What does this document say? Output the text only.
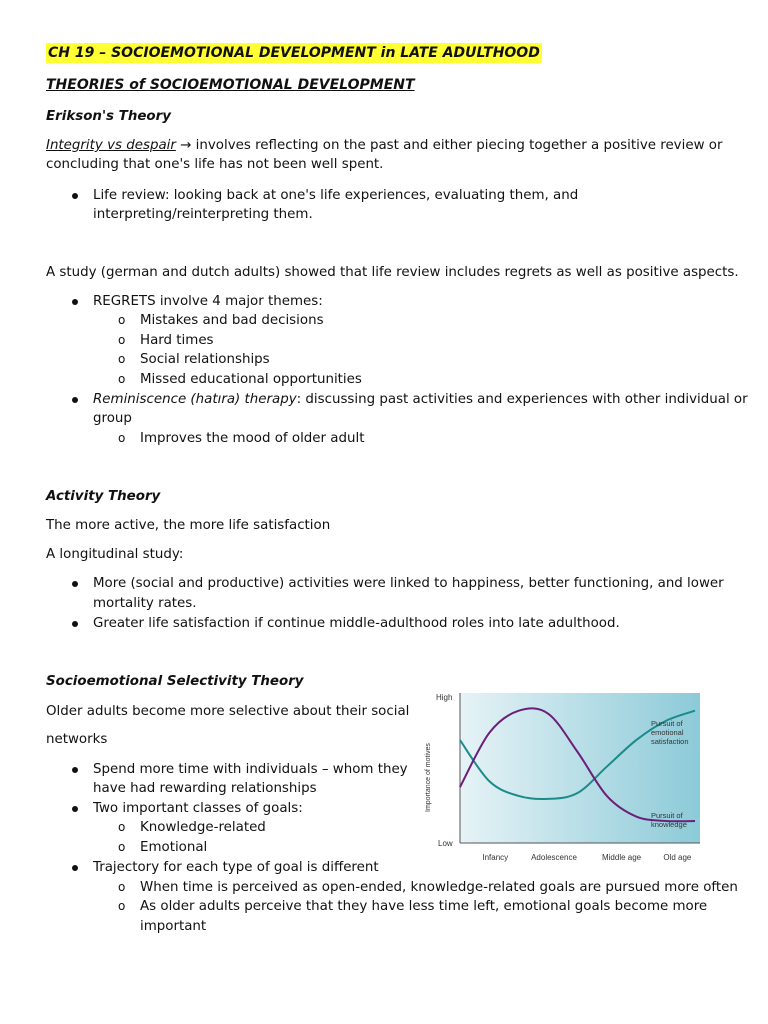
CH 19 – SOCIOEMOTIONAL DEVELOPMENT in LATE ADULTHOOD
THEORIES of SOCIOEMOTIONAL DEVELOPMENT
Erikson's Theory
Integrity vs despair → involves reflecting on the past and either piecing together a positive review or
concluding that one's life has not been well spent.
Life review: looking back at one's life experiences, evaluating them, and
interpreting/reinterpreting them.
A study (german and dutch adults) showed that life review includes regrets as well as positive aspects.
REGRETS involve 4 major themes:
o Mistakes and bad decisions
o Hard times
o Social relationships
o Missed educational opportunities
Reminiscence (hatıra) therapy: discussing past activities and experiences with other individual or
group
o Improves the mood of older adult
Activity Theory
The more active, the more life satisfaction
A longitudinal study:
More (social and productive) activities were linked to happiness, better functioning, and lower
mortality rates.
Greater life satisfaction if continue middle-adulthood roles into late adulthood.
Socioemotional Selectivity Theory
Older adults become more selective about their social
networks
Spend more time with individuals – whom they
have had rewarding relationships
Two important classes of goals:
o Knowledge-related
o Emotional
Trajectory for each type of goal is different
o When time is perceived as open-ended, knowledge-related goals are pursued more often
o As older adults perceive that they have less time left, emotional goals become more
important
High
Low
Importance of motives
Infancy	Adolescence	Middle age	Old age
Pursuit of
emotional
satisfaction
Pursuit of
knowledge
